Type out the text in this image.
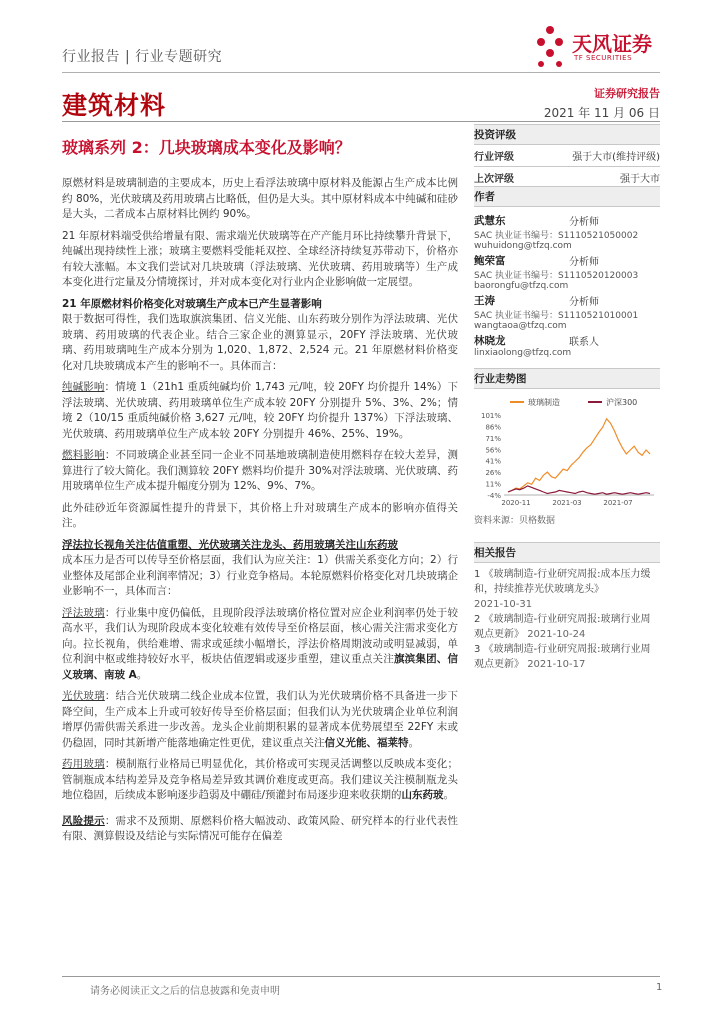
行业报告 | 行业专题研究
天风证券
TF SECURITIES
建筑材料	证券研究报告
2021 年 11 月 06 日
玻璃系列 2：几块玻璃成本变化及影响？

原燃材料是玻璃制造的主要成本，历史上看浮法玻璃中原材料及能源占生产成本比例约 80%，光伏玻璃及药用玻璃占比略低，但仍是大头。其中原材料成本中纯碱和硅砂是大头，二者成本占原材料比例约 90%。

21 年原材料端受供给增量有限、需求端光伏玻璃等在产产能月环比持续攀升背景下，纯碱出现持续性上涨；玻璃主要燃料受能耗双控、全球经济持续复苏带动下，价格亦有较大涨幅。本文我们尝试对几块玻璃（浮法玻璃、光伏玻璃、药用玻璃等）生产成本变化进行定量及分情境探讨，并对成本变化对行业内企业影响做一定展望。

21 年原燃材料价格变化对玻璃生产成本已产生显著影响

限于数据可得性，我们选取旗滨集团、信义光能、山东药玻分别作为浮法玻璃、光伏玻璃、药用玻璃的代表企业。结合三家企业的测算显示，20FY 浮法玻璃、光伏玻璃、药用玻璃吨生产成本分别为 1,020、1,872、2,524 元。21 年原燃材料价格变化对几块玻璃成本产生的影响不一。具体而言：

纯碱影响：情境 1（21h1 重质纯碱均价 1,743 元/吨，较 20FY 均价提升 14%）下浮法玻璃、光伏玻璃、药用玻璃单位生产成本较 20FY 分别提升 5%、3%、2%；情境 2（10/15 重质纯碱价格 3,627 元/吨，较 20FY 均价提升 137%）下浮法玻璃、光伏玻璃、药用玻璃单位生产成本较 20FY 分别提升 46%、25%、19%。

燃料影响：不同玻璃企业甚至同一企业不同基地玻璃制造使用燃料存在较大差异，测算进行了较大简化。我们测算较 20FY 燃料均价提升 30%对浮法玻璃、光伏玻璃、药用玻璃单位生产成本提升幅度分别为 12%、9%、7%。

此外硅砂近年资源属性提升的背景下，其价格上升对玻璃生产成本的影响亦值得关注。

浮法拉长视角关注估值重塑、光伏玻璃关注龙头、药用玻璃关注山东药玻

成本压力是否可以传导至价格层面，我们认为应关注：1）供需关系变化方向；2）行业整体及尾部企业利润率情况；3）行业竞争格局。本轮原燃料价格变化对几块玻璃企业影响不一，具体而言：

浮法玻璃：行业集中度仍偏低，且现阶段浮法玻璃价格位置对应企业利润率仍处于较高水平，我们认为现阶段成本变化较难有效传导至价格层面，核心需关注需求变化方向。拉长视角，供给难增、需求或延续小幅增长，浮法价格周期波动或明显减弱，单位利润中枢或维持较好水平，板块估值逻辑或逐步重塑，建议重点关注旗滨集团、信义玻璃、南玻 A。

光伏玻璃：结合光伏玻璃二线企业成本位置，我们认为光伏玻璃价格不具备进一步下降空间，生产成本上升或可较好传导至价格层面；但我们认为光伏玻璃企业单位利润增厚仍需供需关系进一步改善。龙头企业前期积累的显著成本优势展望至 22FY 末或仍稳固，同时其新增产能落地确定性更优，建议重点关注信义光能、福莱特。

药用玻璃：模制瓶行业格局已明显优化，其价格或可实现灵活调整以反映成本变化；管制瓶成本结构差异及竞争格局差异致其调价难度或更高。我们建议关注模制瓶龙头地位稳固，后续成本影响逐步趋弱及中硼硅/预灌封布局逐步迎来收获期的山东药玻。

风险提示：需求不及预期、原燃料价格大幅波动、政策风险、研究样本的行业代表性有限、测算假设及结论与实际情况可能存在偏差

投资评级
行业评级	强于大市(维持评级)
上次评级	强于大市
作者
武慧东	分析师
SAC 执业证书编号：S1110521050002
wuhuidong@tfzq.com
鲍荣富	分析师
SAC 执业证书编号：S1110520120003
baorongfu@tfzq.com
王涛	分析师
SAC 执业证书编号：S1110521010001
wangtaoa@tfzq.com
林晓龙	联系人
linxiaolong@tfzq.com
行业走势图
玻璃制造	沪深300
101%
86%
71%
56%
41%
26%
11%
-4%
2020-11	2021-03	2021-07
资料来源：贝格数据
相关报告
1 《玻璃制造-行业研究周报:成本压力缓和，持续推荐光伏玻璃龙头》
2021-10-31
2 《玻璃制造-行业研究周报:玻璃行业周观点更新》 2021-10-24
3 《玻璃制造-行业研究周报:玻璃行业周观点更新》 2021-10-17
请务必阅读正文之后的信息披露和免责申明	1
